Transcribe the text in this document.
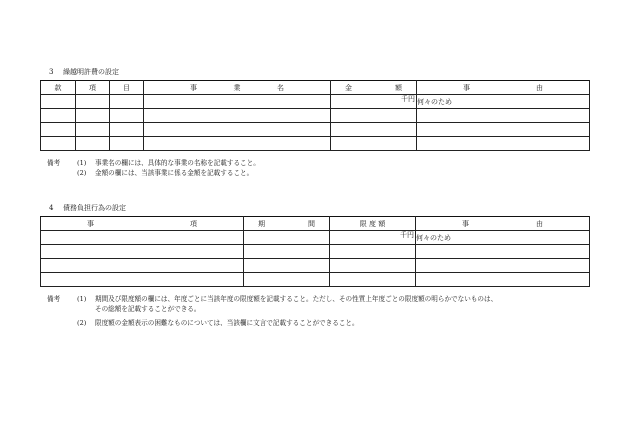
3 繰越明許費の設定
款	項	目	事 業 名	金 額	事 由

				千円	何々のため

備考	(1)	事業名の欄には、具体的な事業の名称を記載すること。
(2)	金額の欄には、当該事業に係る金額を記載すること。
4 債務負担行為の設定
事 項	期 間	限 度 額	事 由

		千円	何々のため

備考	(1)	期間及び限度額の欄には、年度ごとに当該年度の限度額を記載すること。ただし、その性質上年度ごとの限度額の明らかでないものは、
その総額を記載することができる。
(2)	限度額の金額表示の困難なものについては、当該欄に文言で記載することができること。
